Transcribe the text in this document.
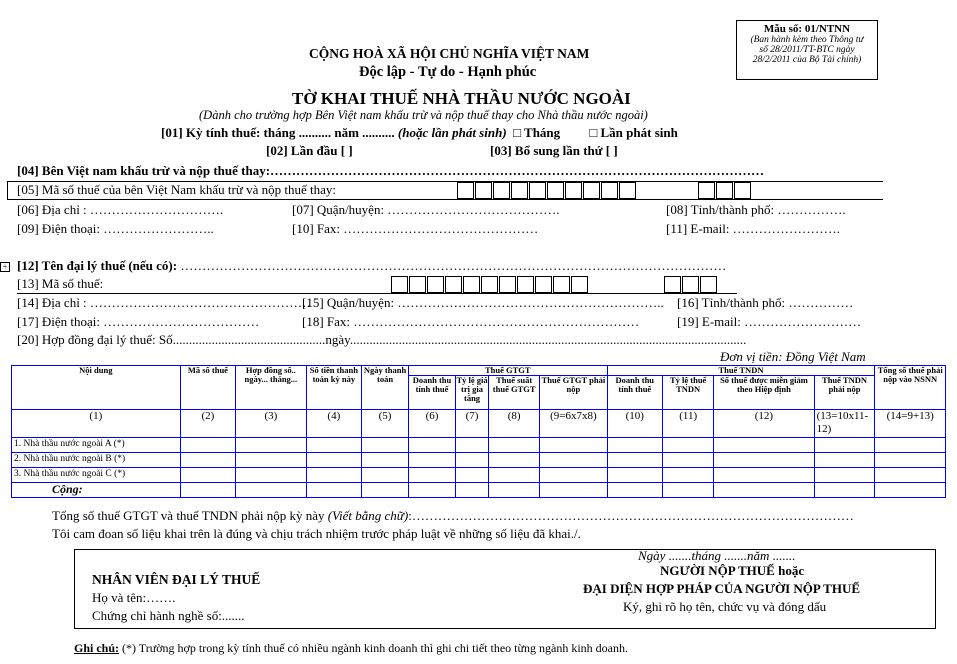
Mẫu số: 01/NTNN
(Ban hành kèm theo Thông tư
số 28/2011/TT-BTC ngày
28/2/2011 của Bộ Tài chính)
CỘNG HOÀ XÃ HỘI CHỦ NGHĨA VIỆT NAM
Độc lập - Tự do - Hạnh phúc
TỜ KHAI THUẾ NHÀ THẦU NƯỚC NGOÀI
(Dành cho trường hợp Bên Việt nam khấu trừ và nộp thuế thay cho Nhà thầu nước ngoài)
[01] Kỳ tính thuế: tháng .......... năm .......... (hoặc lần phát sinh) □ Tháng □ Lần phát sinh
[02] Lần đầu [ ]	[03] Bổ sung lần thứ [ ]
[04] Bên Việt nam khấu trừ và nộp thuế thay:……………………………………………………………………………………………………
[05] Mã số thuế của bên Việt Nam khấu trừ và nộp thuế thay:
[06] Địa chỉ : ………………………….	[07] Quận/huyện: ………………………………….	[08] Tỉnh/thành phố: …………….
[09] Điện thoại: ……………………..	[10] Fax: ………………………………………	[11] E-mail: …………………….
+ [12] Tên đại lý thuế (nếu có): ………………………………………………………………………………………………………………
[13] Mã số thuế:
[14] Địa chỉ : ……………………………………………
[15] Quận/huyện: …………………………………………………….. [16] Tỉnh/thành phố: ……………
[17] Điện thoại: ………………………………	[18] Fax: …………………………………………………………	[19] E-mail: ………………………
[20] Hợp đồng đại lý thuế: Số...............................................ngày..........................................................................................................................
Đơn vị tiền: Đồng Việt Nam
Nội dung	Mã số thuế	Hợp đồng số.. ngày... tháng...	Số tiền thanh toán kỳ này	Ngày thanh toán	Thuế GTGT				Thuế TNDN				Tổng số thuế phải nộp vào NSNN
					Doanh thu tính thuế	Tỷ lệ giá trị gia tăng	Thuế suất thuế GTGT	Thuế GTGT phải nộp	Doanh thu tính thuế	Tỷ lệ thuế TNDN	Số thuế được miễn giảm theo Hiệp định	Thuế TNDN phải nộp	
(1)	(2)	(3)	(4)	(5)	(6)	(7)	(8)	(9=6x7x8)	(10)	(11)	(12)	(13=10x11-12)	(14=9+13)
1. Nhà thầu nước ngoài A (*)													
2. Nhà thầu nước ngoài B (*)													
3. Nhà thầu nước ngoài C (*)													
Cộng:													
Tổng số thuế GTGT và thuế TNDN phải nộp kỳ này (Viết bằng chữ):…………………………………………………………………………………………
Tôi cam đoan số liệu khai trên là đúng và chịu trách nhiệm trước pháp luật về những số liệu đã khai./.
Ngày .......tháng .......năm .......
NHÂN VIÊN ĐẠI LÝ THUẾ
Họ và tên:…….
Chứng chỉ hành nghề số:.......
NGƯỜI NỘP THUẾ hoặc
ĐẠI DIỆN HỢP PHÁP CỦA NGƯỜI NỘP THUẾ
Ký, ghi rõ họ tên, chức vụ và đóng dấu
Ghi chú: (*) Trường hợp trong kỳ tính thuế có nhiều ngành kinh doanh thì ghi chi tiết theo từng ngành kinh doanh.
